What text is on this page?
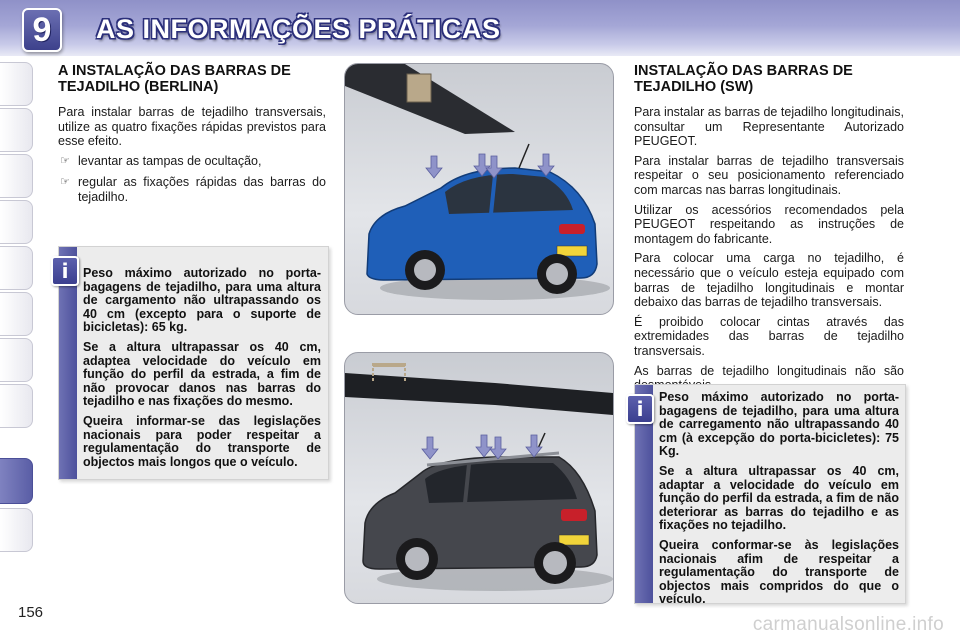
9	AS INFORMAÇÕES PRÁTICAS
A INSTALAÇÃO DAS BARRAS DE TEJADILHO (BERLINA)

Para instalar barras de tejadilho transversais, utilize as quatro fixações rápidas previstos para esse efeito.

☞ levantar as tampas de ocultação,
☞ regular as fixações rápidas das barras do tejadilho.

Peso máximo autorizado no porta-bagagens de tejadilho, para uma altura de cargamento não ultrapassando os 40 cm (excepto para o suporte de bicicletas): 65 kg.

Se a altura ultrapassar os 40 cm, adaptea velocidade do veículo em função do perfil da estrada, a fim de não provocar danos nas barras do tejadilho e nas fixações do mesmo.

Queira informar-se das legislações nacionais para poder respeitar a regulamentação do transporte de objectos mais longos que o veículo.

i
INSTALAÇÃO DAS BARRAS DE TEJADILHO (SW)

Para instalar as barras de tejadilho longitudinais, consultar um Representante Autorizado PEUGEOT.

Para instalar barras de tejadilho transversais respeitar o seu posicionamento referenciado com marcas nas barras longitudinais.

Utilizar os acessórios recomendados pela PEUGEOT respeitando as instruções de montagem do fabricante.

Para colocar uma carga no tejadilho, é necessário que o veículo esteja equipado com barras de tejadilho longitudinais e montar debaixo das barras de tejadilho transversais.

É proibido colocar cintas através das extremidades das barras de tejadilho transversais.

As barras de tejadilho longitudinais não são

Peso máximo autorizado no porta-bagagens de tejadilho, para uma altura de carregamento não ultrapassando 40 cm (à excepção do porta-bicicletes): 75 Kg.

Se a altura ultrapassar os 40 cm, adaptar a velocidade do veículo em função do perfil da estrada, a fim de não deteriorar as barras do tejadilho e as fixações no tejadilho.

Queira conformar-se às legislações nacionais afim de respeitar a regulamentação do transporte de objectos mais compridos do que o veículo.

i
156
carmanualsonline.info
